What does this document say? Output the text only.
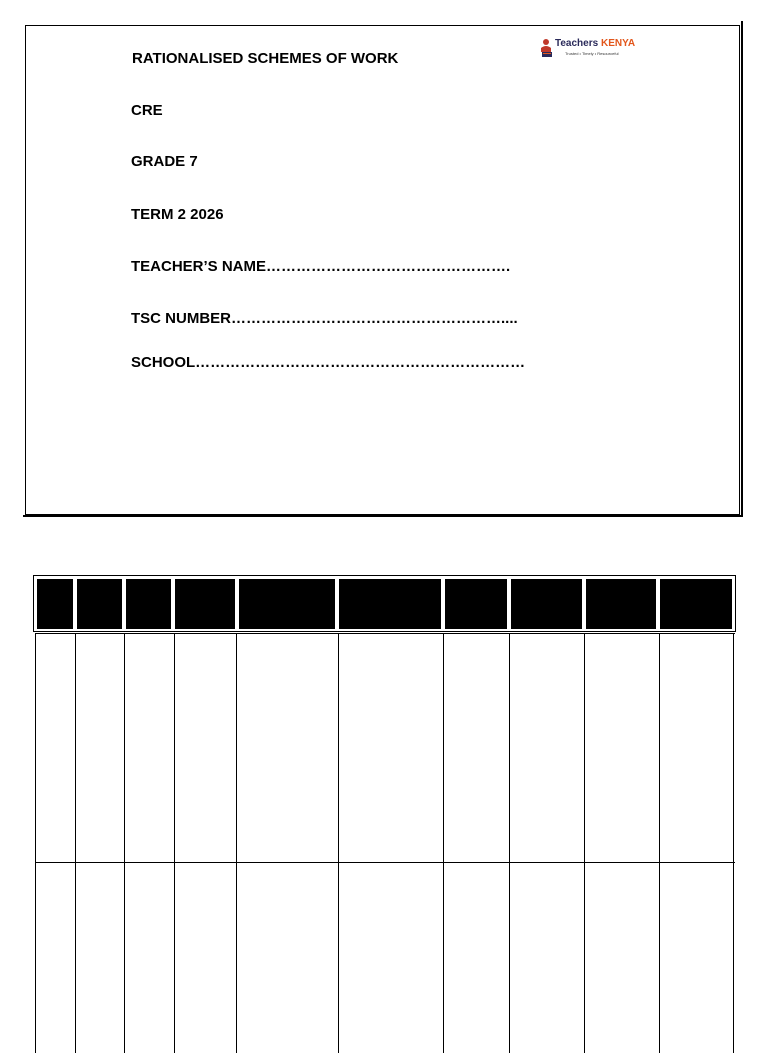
RATIONALISED SCHEMES OF WORK
CRE
GRADE 7
TERM 2 2026
TEACHER’S NAME………………………………………….
TSC NUMBER………………………………………………....
SCHOOL…………………………………………………………
Teachers KENYA
Trusted • Timely • Resourceful
